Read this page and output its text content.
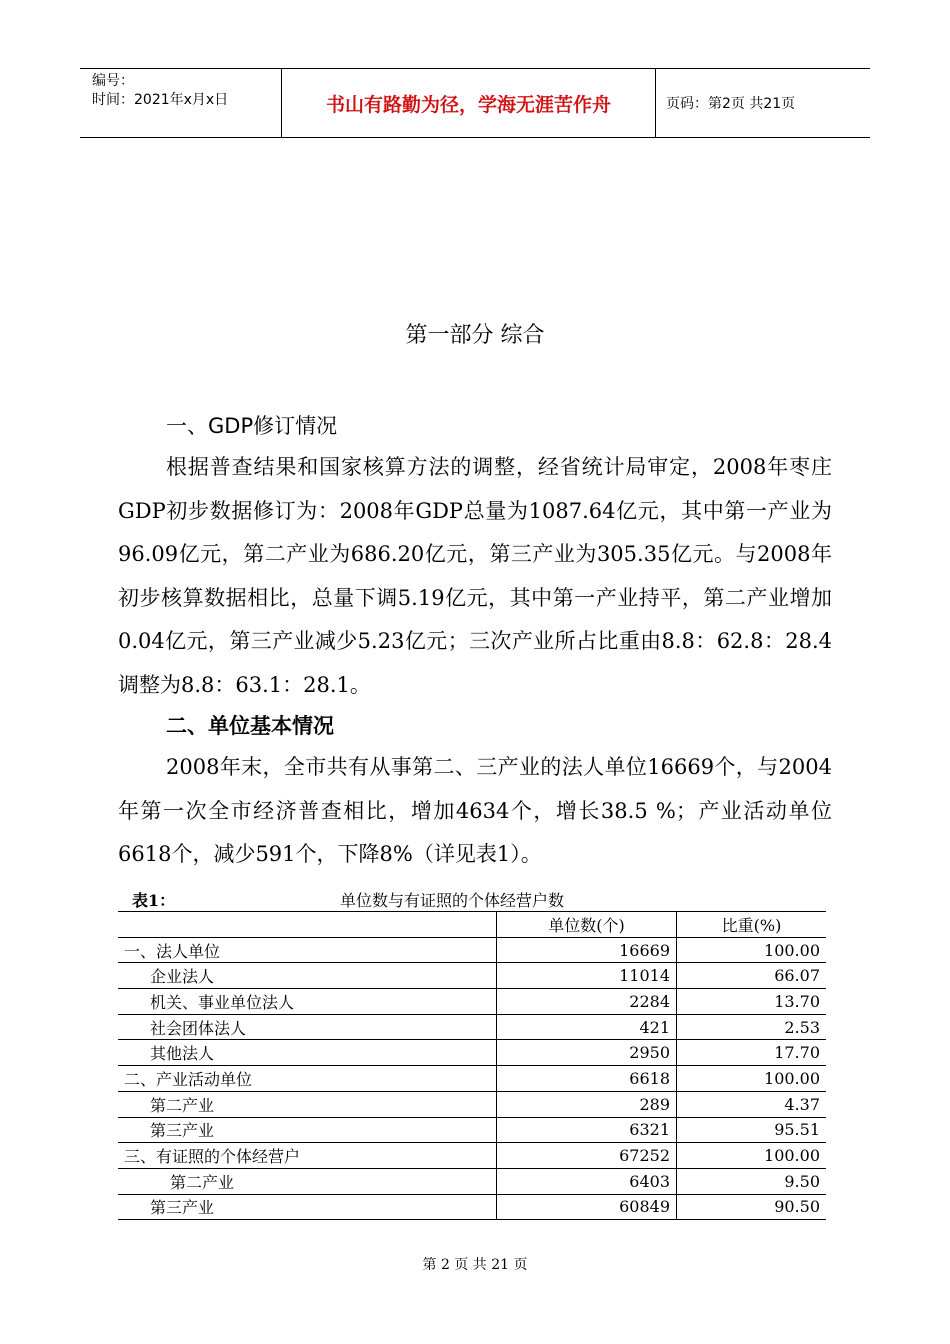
编号：
时间：2021年x月x日	书山有路勤为径，学海无涯苦作舟	页码：第2页 共21页
第一部分 综合
一、GDP修订情况

根据普查结果和国家核算方法的调整，经省统计局审定，2008年枣庄GDP初步数据修订为：2008年GDP总量为1087.64亿元，其中第一产业为96.09亿元，第二产业为686.20亿元，第三产业为305.35亿元。与2008年初步核算数据相比，总量下调5.19亿元，其中第一产业持平，第二产业增加0.04亿元，第三产业减少5.23亿元；三次产业所占比重由8.8：62.8：28.4调整为8.8：63.1：28.1。

二、单位基本情况

2008年末，全市共有从事第二、三产业的法人单位16669个，与2004年第一次全市经济普查相比，增加4634个，增长38.5 %；产业活动单位6618个，减少591个，下降8%（详见表1）。

表1：	单位数与有证照的个体经营户数
	单位数(个)	比重(%)
一、法人单位	16669	100.00
企业法人	11014	66.07
机关、事业单位法人	2284	13.70
社会团体法人	421	2.53
其他法人	2950	17.70
二、产业活动单位	6618	100.00
第二产业	289	4.37
第三产业	6321	95.51
三、有证照的个体经营户	67252	100.00
第二产业	6403	9.50
第三产业	60849	90.50
第 2 页 共 21 页
